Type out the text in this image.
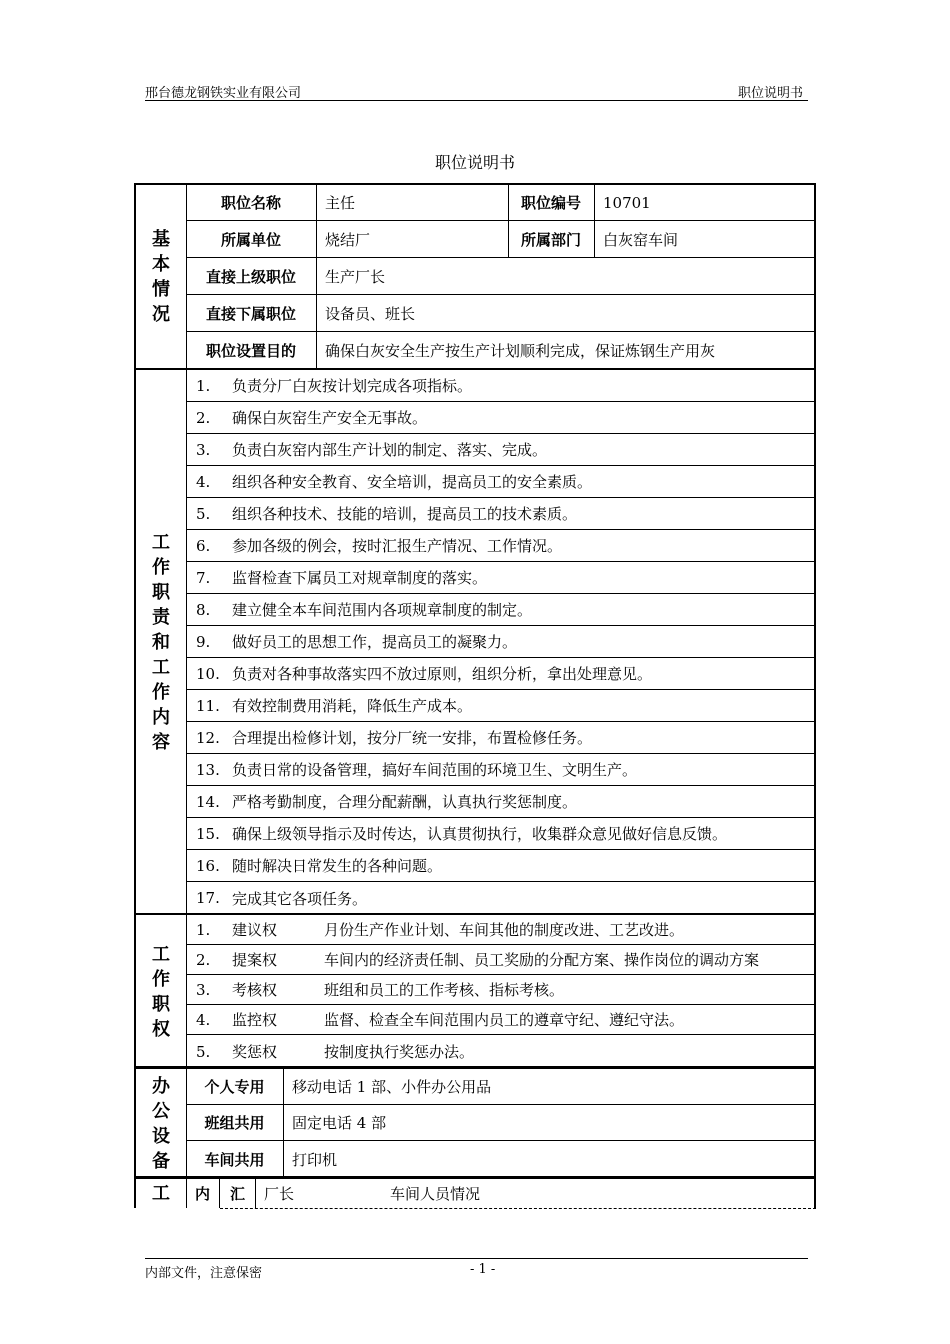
邢台德龙钢铁实业有限公司	职位说明书
职位说明书
基
本
情
况
职位名称	主任	职位编号	10701
所属单位	烧结厂	所属部门	白灰窑车间
直接上级职位	生产厂长
直接下属职位	设备员、班长
职位设置目的	确保白灰安全生产按生产计划顺利完成，保证炼钢生产用灰
工
作
职
责
和
工
作
内
容
1.	负责分厂白灰按计划完成各项指标。
2.	确保白灰窑生产安全无事故。
3.	负责白灰窑内部生产计划的制定、落实、完成。
4.	组织各种安全教育、安全培训，提高员工的安全素质。
5.	组织各种技术、技能的培训，提高员工的技术素质。
6.	参加各级的例会，按时汇报生产情况、工作情况。
7.	监督检查下属员工对规章制度的落实。
8.	建立健全本车间范围内各项规章制度的制定。
9.	做好员工的思想工作，提高员工的凝聚力。
10. 负责对各种事故落实四不放过原则，组织分析，拿出处理意见。
11. 有效控制费用消耗，降低生产成本。
12. 合理提出检修计划，按分厂统一安排，布置检修任务。
13. 负责日常的设备管理，搞好车间范围的环境卫生、文明生产。
14. 严格考勤制度，合理分配薪酬，认真执行奖惩制度。
15. 确保上级领导指示及时传达，认真贯彻执行，收集群众意见做好信息反馈。
16. 随时解决日常发生的各种问题。
17. 完成其它各项任务。
工
作
职
权
1.	建议权	月份生产作业计划、车间其他的制度改进、工艺改进。
2.	提案权	车间内的经济责任制、员工奖励的分配方案、操作岗位的调动方案
3.	考核权	班组和员工的工作考核、指标考核。
4.	监控权	监督、检查全车间范围内员工的遵章守纪、遵纪守法。
5.	奖惩权	按制度执行奖惩办法。
办
公
设
备
个人专用	移动电话 1 部、小件办公用品
班组共用	固定电话 4 部
车间共用	打印机
工	内	汇	厂长	车间人员情况
内部文件，注意保密	- 1 -
